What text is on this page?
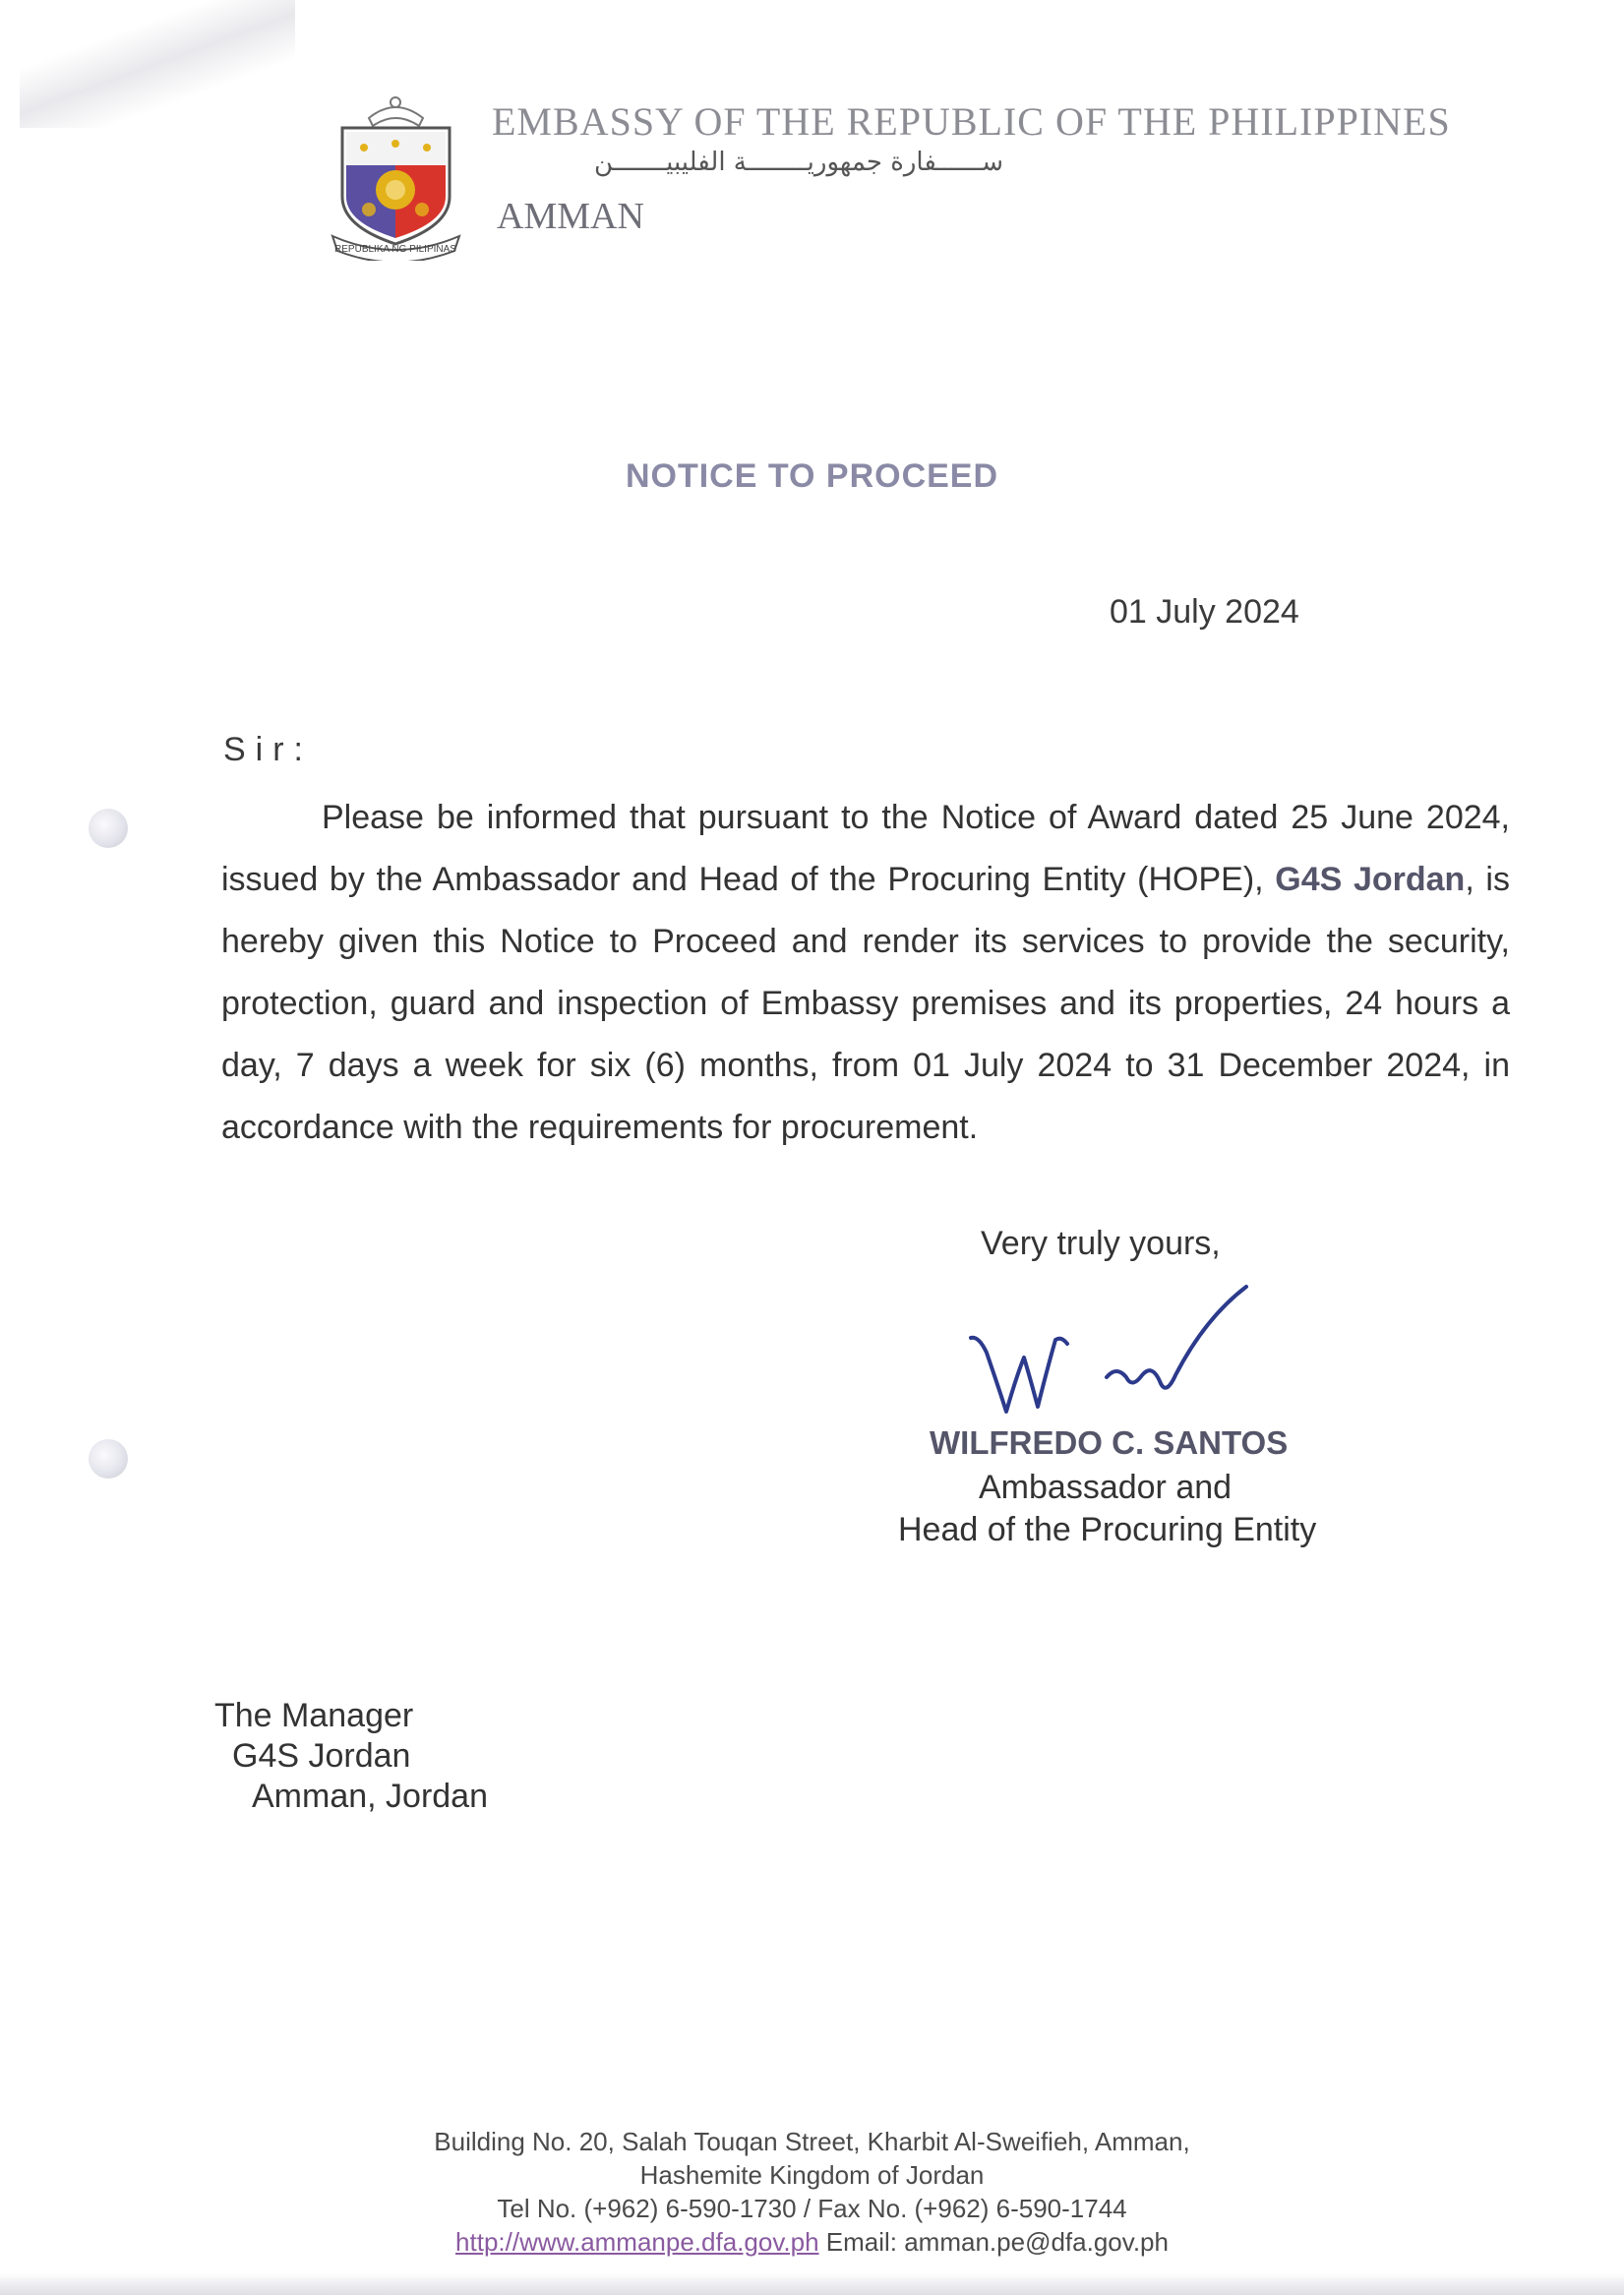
REPUBLIKA NG PILIPINAS
EMBASSY OF THE REPUBLIC OF THE PHILIPPINES
ســــــفارة جمهوريــــــــة الفليبيـــــــن
AMMAN
NOTICE TO PROCEED
01 July 2024
Sir:
Please be informed that pursuant to the Notice of Award dated 25 June 2024, issued by the Ambassador and Head of the Procuring Entity (HOPE), G4S Jordan, is hereby given this Notice to Proceed and render its services to provide the security, protection, guard and inspection of Embassy premises and its properties, 24 hours a day, 7 days a week for six (6) months, from 01 July 2024 to 31 December 2024, in accordance with the requirements for procurement.
Very truly yours,
WILFREDO C. SANTOS
Ambassador and
Head of the Procuring Entity
The Manager
G4S Jordan
Amman, Jordan
Building No. 20, Salah Touqan Street, Kharbit Al-Sweifieh, Amman,
Hashemite Kingdom of Jordan
Tel No. (+962) 6-590-1730 / Fax No. (+962) 6-590-1744
http://www.ammanpe.dfa.gov.ph Email: amman.pe@dfa.gov.ph
